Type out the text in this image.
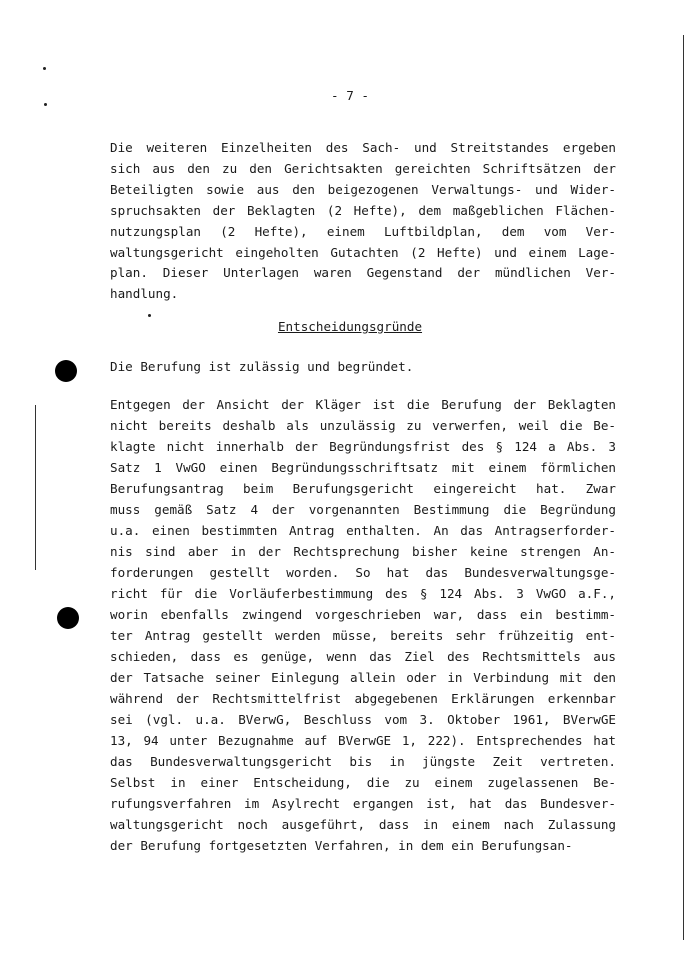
- 7 -
Die weiteren Einzelheiten des Sach- und Streitstandes ergeben
sich aus den zu den Gerichtsakten gereichten Schriftsätzen der
Beteiligten sowie aus den beigezogenen Verwaltungs- und Wider-
spruchsakten der Beklagten (2 Hefte), dem maßgeblichen Flächen-
nutzungsplan (2 Hefte), einem Luftbildplan, dem vom Ver-
waltungsgericht eingeholten Gutachten (2 Hefte) und einem Lage-
plan. Dieser Unterlagen waren Gegenstand der mündlichen Ver-
handlung.
Entscheidungsgründe
Die Berufung ist zulässig und begründet.
Entgegen der Ansicht der Kläger ist die Berufung der Beklagten
nicht bereits deshalb als unzulässig zu verwerfen, weil die Be-
klagte nicht innerhalb der Begründungsfrist des § 124 a Abs. 3
Satz 1 VwGO einen Begründungsschriftsatz mit einem förmlichen
Berufungsantrag beim Berufungsgericht eingereicht hat. Zwar
muss gemäß Satz 4 der vorgenannten Bestimmung die Begründung
u.a. einen bestimmten Antrag enthalten. An das Antragserforder-
nis sind aber in der Rechtsprechung bisher keine strengen An-
forderungen gestellt worden. So hat das Bundesverwaltungsge-
richt für die Vorläuferbestimmung des § 124 Abs. 3 VwGO a.F.,
worin ebenfalls zwingend vorgeschrieben war, dass ein bestimm-
ter Antrag gestellt werden müsse, bereits sehr frühzeitig ent-
schieden, dass es genüge, wenn das Ziel des Rechtsmittels aus
der Tatsache seiner Einlegung allein oder in Verbindung mit den
während der Rechtsmittelfrist abgegebenen Erklärungen erkennbar
sei (vgl. u.a. BVerwG, Beschluss vom 3. Oktober 1961, BVerwGE
13, 94 unter Bezugnahme auf BVerwGE 1, 222). Entsprechendes hat
das Bundesverwaltungsgericht bis in jüngste Zeit vertreten.
Selbst in einer Entscheidung, die zu einem zugelassenen Be-
rufungsverfahren im Asylrecht ergangen ist, hat das Bundesver-
waltungsgericht noch ausgeführt, dass in einem nach Zulassung
der Berufung fortgesetzten Verfahren, in dem ein Berufungsan-
